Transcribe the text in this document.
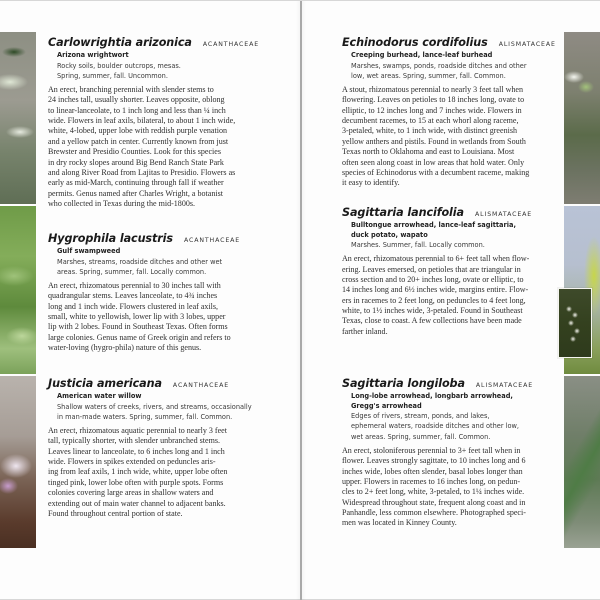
Carlowrightia arizonica ACANTHACEAE
Arizona wrightwort
Rocky soils, boulder outcrops, mesas.
Spring, summer, fall. Uncommon.
An erect, branching perennial with slender stems to
24 inches tall, usually shorter. Leaves opposite, oblong
to linear-lanceolate, to 1 inch long and less than ¼ inch
wide. Flowers in leaf axils, bilateral, to about 1 inch wide,
white, 4-lobed, upper lobe with reddish purple venation
and a yellow patch in center. Currently known from just
Brewster and Presidio Counties. Look for this species
in dry rocky slopes around Big Bend Ranch State Park
and along River Road from Lajitas to Presidio. Flowers as
early as mid-March, continuing through fall if weather
permits. Genus named after Charles Wright, a botanist
who collected in Texas during the mid-1800s.
Hygrophila lacustris ACANTHACEAE
Gulf swampweed
Marshes, streams, roadside ditches and other wet
areas. Spring, summer, fall. Locally common.
An erect, rhizomatous perennial to 30 inches tall with
quadrangular stems. Leaves lanceolate, to 4¾ inches
long and 1 inch wide. Flowers clustered in leaf axils,
small, white to yellowish, lower lip with 3 lobes, upper
lip with 2 lobes. Found in Southeast Texas. Often forms
large colonies. Genus name of Greek origin and refers to
water-loving (hygro-phila) nature of this genus.
Justicia americana ACANTHACEAE
American water willow
Shallow waters of creeks, rivers, and streams, occasionally
in man-made waters. Spring, summer, fall. Common.
An erect, rhizomatous aquatic perennial to nearly 3 feet
tall, typically shorter, with slender unbranched stems.
Leaves linear to lanceolate, to 6 inches long and 1 inch
wide. Flowers in spikes extended on peduncles aris-
ing from leaf axils, 1 inch wide, white, upper lobe often
tinged pink, lower lobe often with purple spots. Forms
colonies covering large areas in shallow waters and
extending out of main water channel to adjacent banks.
Found throughout central portion of state.
Echinodorus cordifolius ALISMATACEAE
Creeping burhead, lance-leaf burhead
Marshes, swamps, ponds, roadside ditches and other
low, wet areas. Spring, summer, fall. Common.
A stout, rhizomatous perennial to nearly 3 feet tall when
flowering. Leaves on petioles to 18 inches long, ovate to
elliptic, to 12 inches long and 7 inches wide. Flowers in
decumbent racemes, to 15 at each whorl along raceme,
3-petaled, white, to 1 inch wide, with distinct greenish
yellow anthers and pistils. Found in wetlands from South
Texas north to Oklahoma and east to Louisiana. Most
often seen along coast in low areas that hold water. Only
species of Echinodorus with a decumbent raceme, making
it easy to identify.
Sagittaria lancifolia ALISMATACEAE
Bulltongue arrowhead, lance-leaf sagittaria,
duck potato, wapato
Marshes. Summer, fall. Locally common.
An erect, rhizomatous perennial to 6+ feet tall when flow-
ering. Leaves emersed, on petioles that are triangular in
cross section and to 20+ inches long, ovate or elliptic, to
14 inches long and 6½ inches wide, margins entire. Flow-
ers in racemes to 2 feet long, on peduncles to 4 feet long,
white, to 1½ inches wide, 3-petaled. Found in Southeast
Texas, close to coast. A few collections have been made
farther inland.
Sagittaria longiloba ALISMATACEAE
Long-lobe arrowhead, longbarb arrowhead,
Gregg's arrowhead
Edges of rivers, stream, ponds, and lakes,
ephemeral waters, roadside ditches and other low,
wet areas. Spring, summer, fall. Common.
An erect, stoloniferous perennial to 3+ feet tall when in
flower. Leaves strongly sagittate, to 10 inches long and 6
inches wide, lobes often slender, basal lobes longer than
upper. Flowers in racemes to 16 inches long, on pedun-
cles to 2+ feet long, white, 3-petaled, to 1¼ inches wide.
Widespread throughout state, frequent along coast and in
Panhandle, less common elsewhere. Photographed speci-
men was located in Kinney County.
